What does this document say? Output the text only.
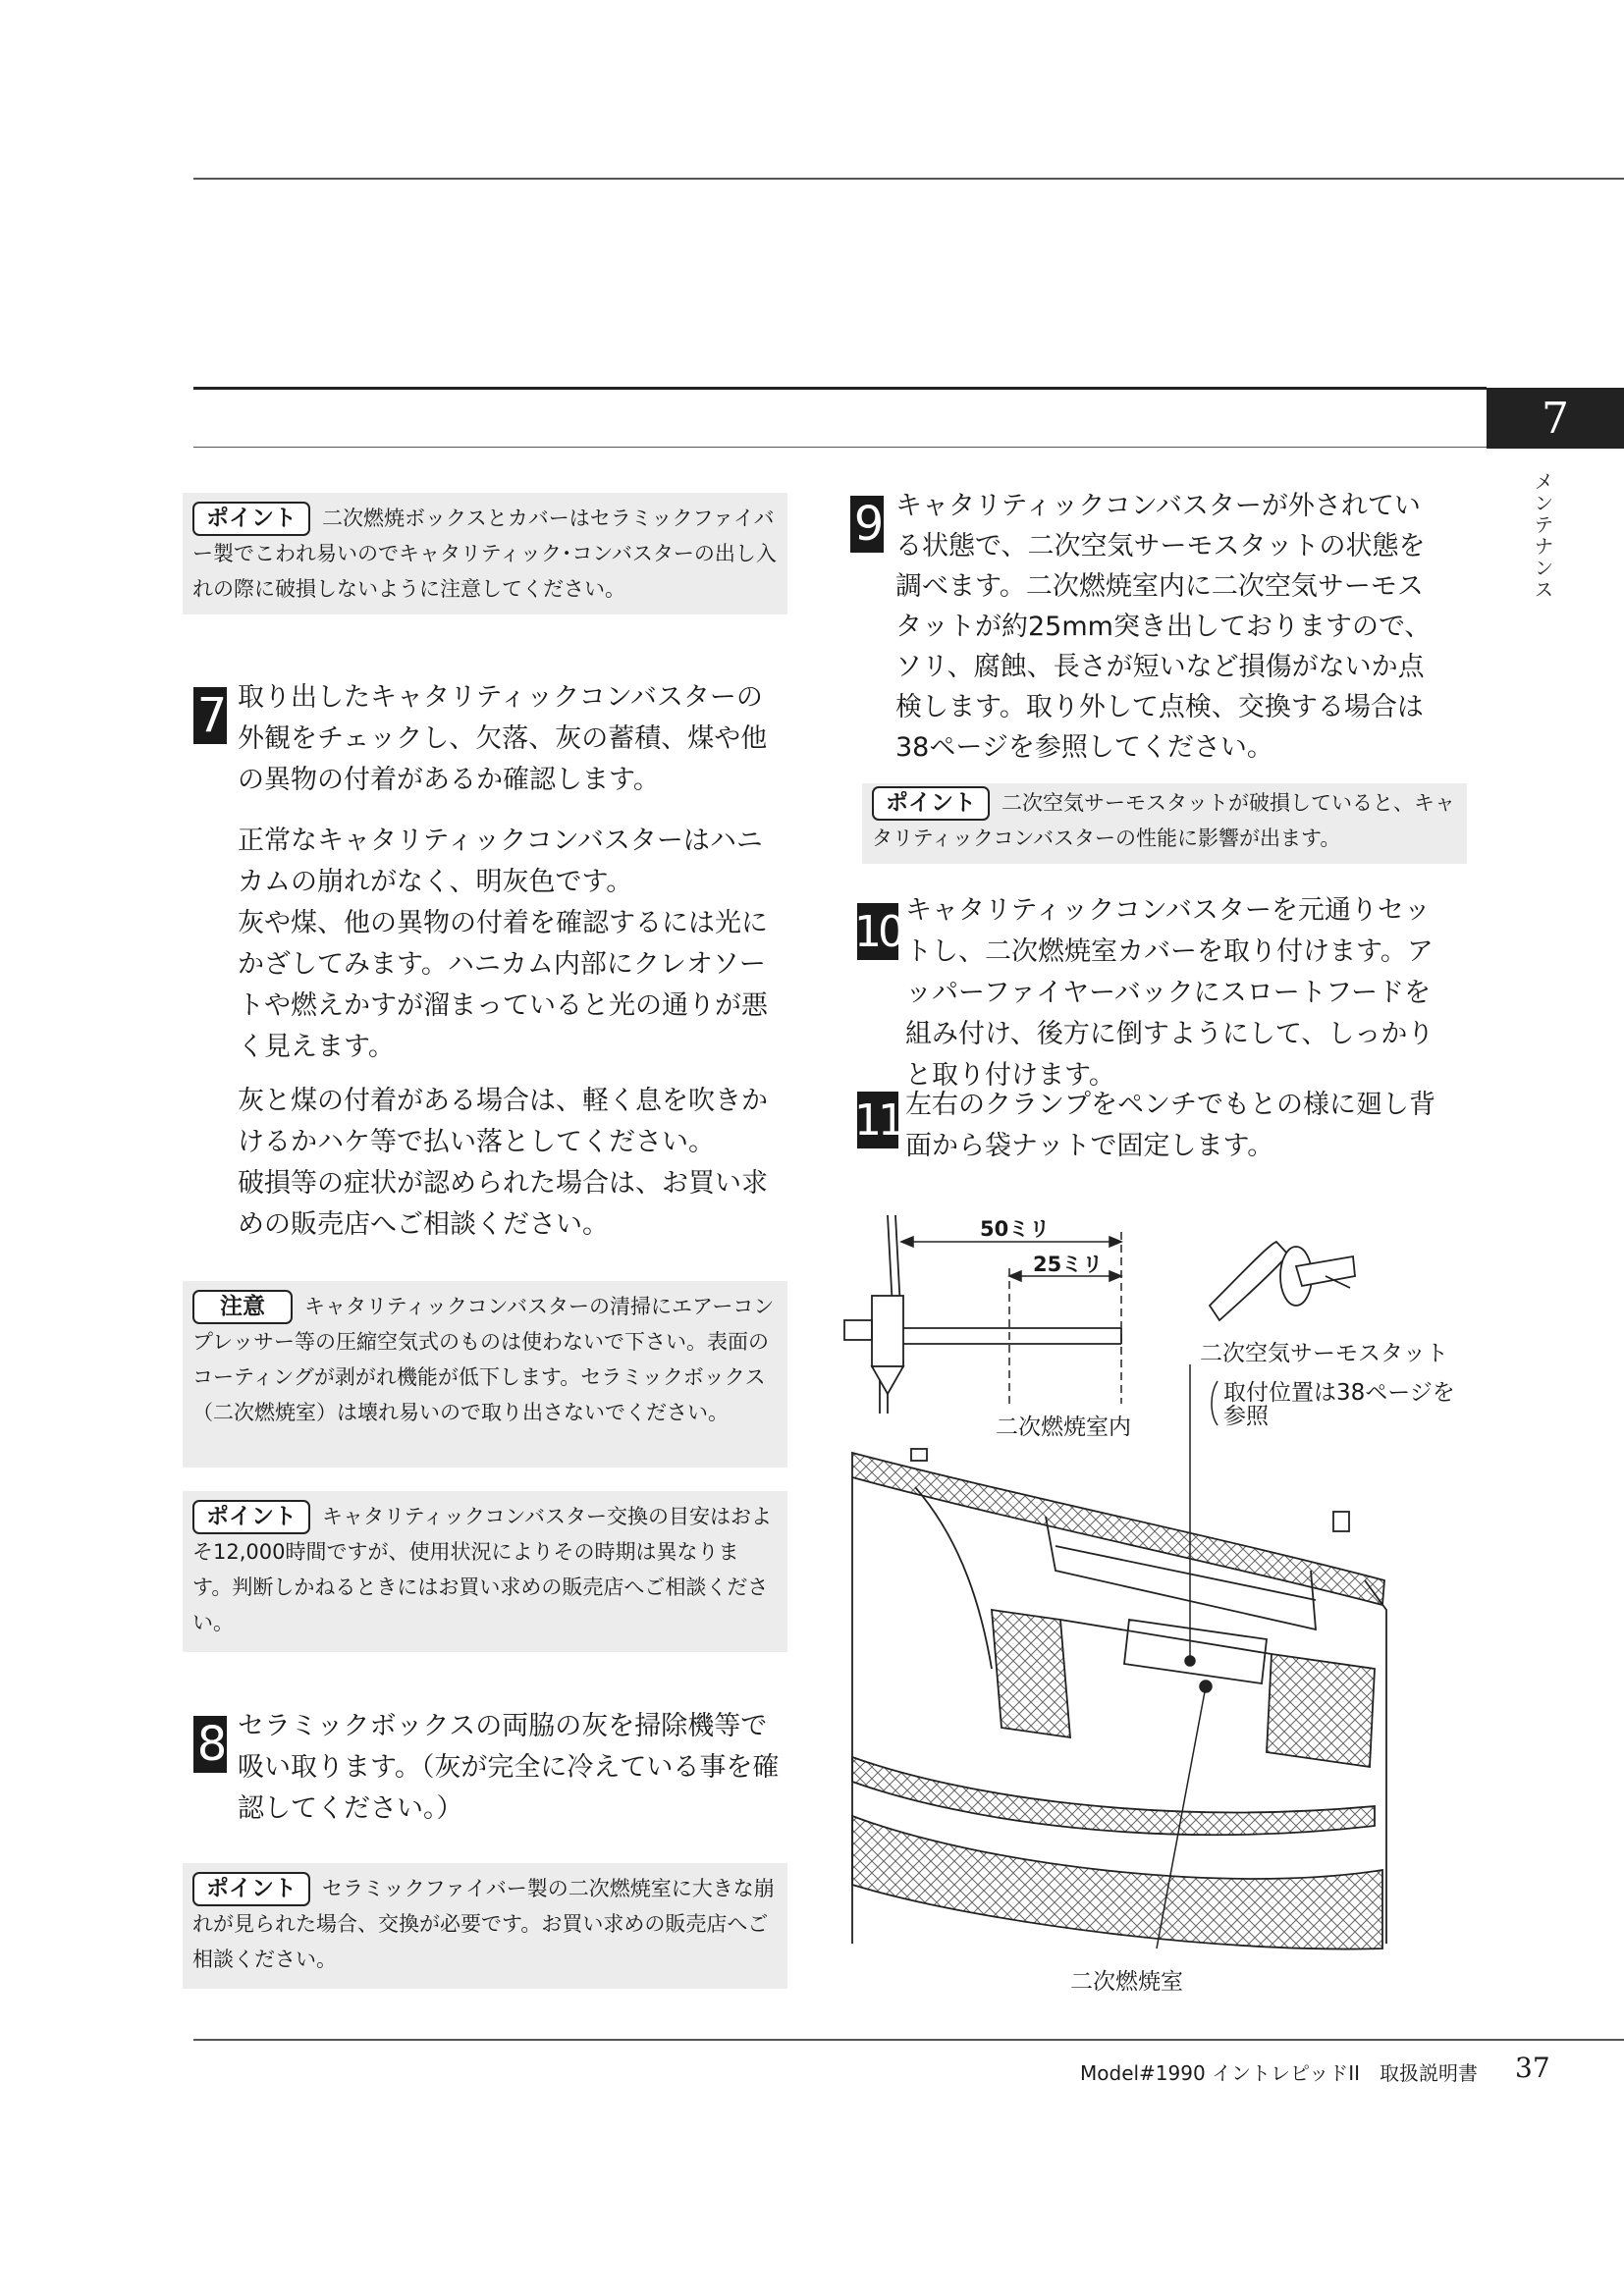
7
メンテナンス
ポイント 二次燃焼ボックスとカバーはセラミックファイバー製でこわれ易いのでキャタリティック･コンバスターの出し入れの際に破損しないように注意してください。
7 取り出したキャタリティックコンバスターの外観をチェックし、欠落、灰の蓄積、煤や他の異物の付着があるか確認します。
正常なキャタリティックコンバスターはハニカムの崩れがなく、明灰色です。
灰や煤、他の異物の付着を確認するには光にかざしてみます。ハニカム内部にクレオソートや燃えかすが溜まっていると光の通りが悪く見えます。
灰と煤の付着がある場合は、軽く息を吹きかけるかハケ等で払い落としてください。
破損等の症状が認められた場合は、お買い求めの販売店へご相談ください。
注意 キャタリティックコンバスターの清掃にエアーコンプレッサー等の圧縮空気式のものは使わないで下さい。表面のコーティングが剥がれ機能が低下します。セラミックボックス（二次燃焼室）は壊れ易いので取り出さないでください。
ポイント キャタリティックコンバスター交換の目安はおよそ12,000時間ですが、使用状況によりその時期は異なります。判断しかねるときにはお買い求めの販売店へご相談ください。
8 セラミックボックスの両脇の灰を掃除機等で吸い取ります。（灰が完全に冷えている事を確認してください。）
ポイント セラミックファイバー製の二次燃焼室に大きな崩れが見られた場合、交換が必要です。お買い求めの販売店へご相談ください。
9 キャタリティックコンバスターが外されている状態で、二次空気サーモスタットの状態を調べます。二次燃焼室内に二次空気サーモスタットが約25mm突き出しておりますので、ソリ、腐蝕、長さが短いなど損傷がないか点検します。取り外して点検、交換する場合は38ページを参照してください。
ポイント 二次空気サーモスタットが破損していると、キャタリティックコンバスターの性能に影響が出ます。
10 キャタリティックコンバスターを元通りセットし、二次燃焼室カバーを取り付けます。アッパーファイヤーバックにスロートフードを組み付け、後方に倒すようにして、しっかりと取り付けます。
11 左右のクランプをペンチでもとの様に廻し背面から袋ナットで固定します。
50ミリ
25ミリ
二次燃焼室内
二次空気サーモスタット
取付位置は38ページを
参照
二次燃焼室
Model#1990 イントレピッドII　取扱説明書 37
